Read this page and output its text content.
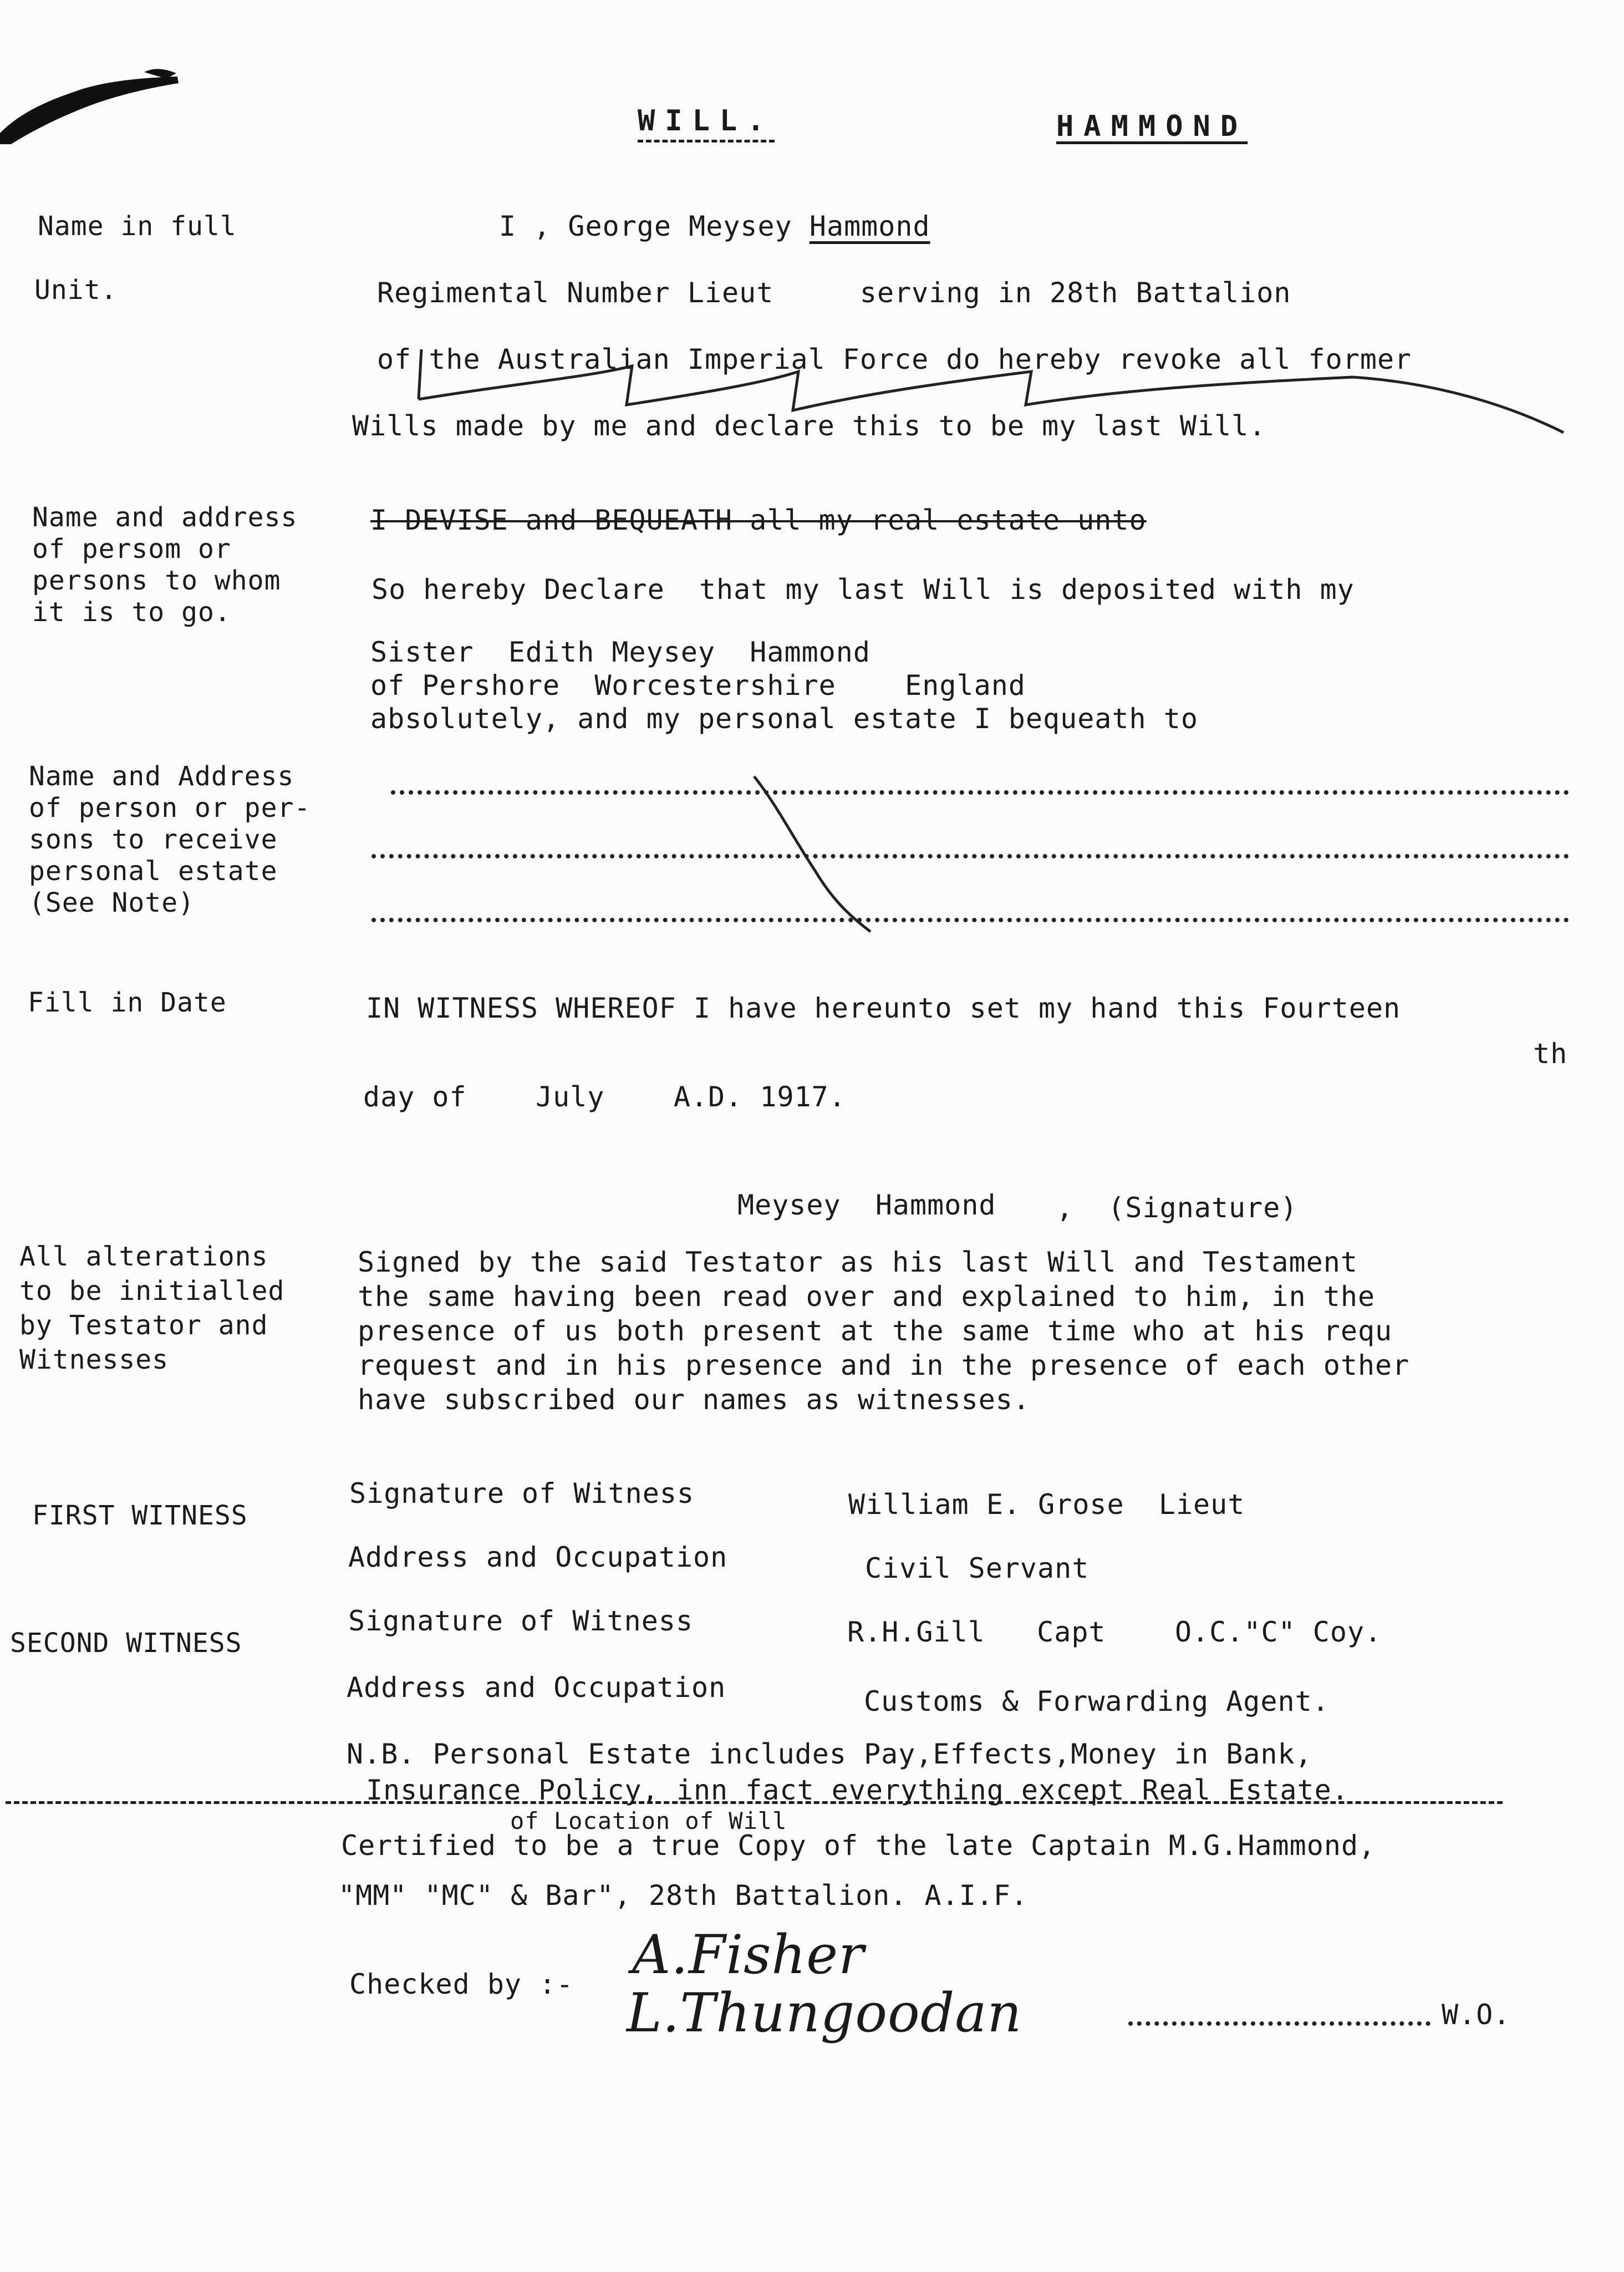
WILL.	HAMMOND
Name in full	I , George Meysey Hammond
Unit.	Regimental Number Lieut     serving in 28th Battalion
of the Australian Imperial Force do hereby revoke all former
Wills made by me and declare this to be my last Will.
Name and address
of persom or
persons to whom
it is to go.
I DEVISE and BEQUEATH all my real estate unto
So hereby Declare  that my last Will is deposited with my
Sister  Edith Meysey  Hammond
of Pershore  Worcestershire    England
absolutely, and my personal estate I bequeath to
Name and Address
of person or per-
sons to receive
personal estate
(See Note)
Fill in Date	IN WITNESS WHEREOF I have hereunto set my hand this Fourteen
th
day of    July    A.D. 1917.
Meysey  Hammond ,  (Signature)
All alterations
to be initialled
by Testator and
Witnesses
Signed by the said Testator as his last Will and Testament
the same having been read over and explained to him, in the
presence of us both present at the same time who at his requ
request and in his presence and in the presence of each other
have subscribed our names as witnesses.
FIRST WITNESS
Signature of Witness	William E. Grose  Lieut
Address and Occupation	Civil Servant
SECOND WITNESS
Signature of Witness	R.H.Gill   Capt    O.C."C" Coy.
Address and Occupation	Customs & Forwarding Agent.
N.B. Personal Estate includes Pay,Effects,Money in Bank,
Insurance Policy, inn fact everything except Real Estate.
of Location of Will
Certified to be a true Copy of the late Captain M.G.Hammond,
"MM" "MC" & Bar", 28th Battalion. A.I.F.
Checked by :- A.Fisher
L.Thungoodan	W.O.
